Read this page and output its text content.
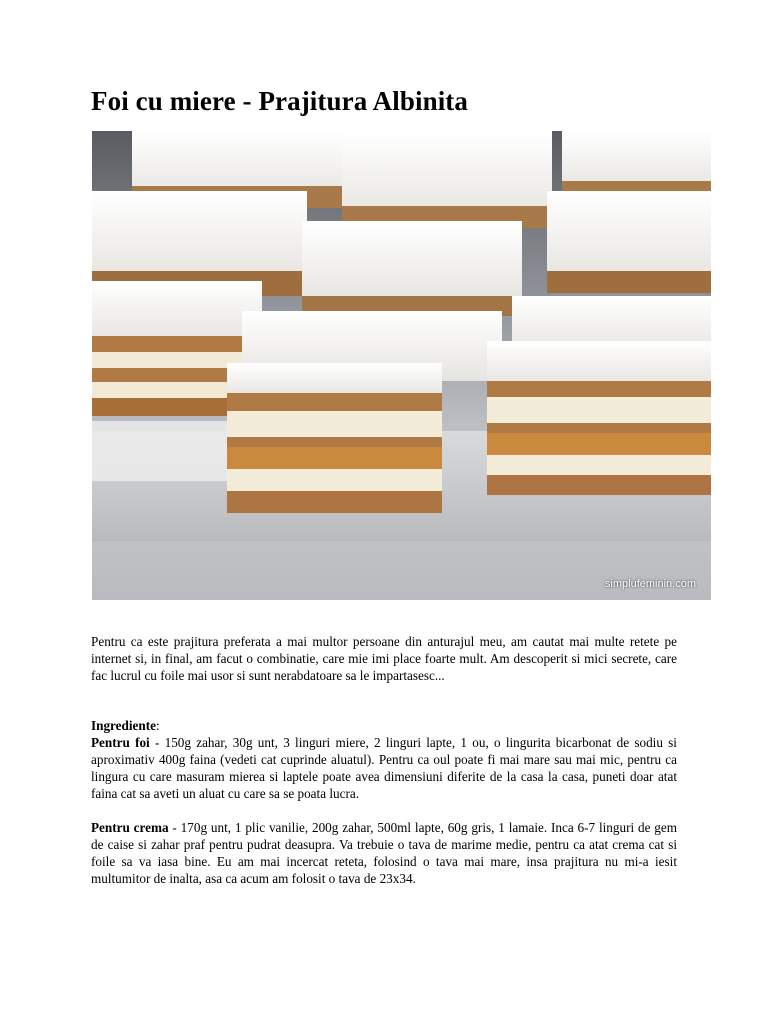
Foi cu miere - Prajitura Albinita
simplufeminin.com

Pentru ca este prajitura preferata a mai multor persoane din anturajul meu, am cautat mai multe retete pe internet si, in final, am facut o combinatie, care mie imi place foarte mult. Am descoperit si mici secrete, care fac lucrul cu foile mai usor si sunt nerabdatoare sa le impartasesc...

Ingrediente:

Pentru foi - 150g zahar, 30g unt, 3 linguri miere, 2 linguri lapte, 1 ou, o lingurita bicarbonat de sodiu si aproximativ 400g faina (vedeti cat cuprinde aluatul). Pentru ca oul poate fi mai mare sau mai mic, pentru ca lingura cu care masuram mierea si laptele poate avea dimensiuni diferite de la casa la casa, puneti doar atat faina cat sa aveti un aluat cu care sa se poata lucra.

Pentru crema - 170g unt, 1 plic vanilie, 200g zahar, 500ml lapte, 60g gris, 1 lamaie. Inca 6-7 linguri de gem de caise si zahar praf pentru pudrat deasupra. Va trebuie o tava de marime medie, pentru ca atat crema cat si foile sa va iasa bine. Eu am mai incercat reteta, folosind o tava mai mare, insa prajitura nu mi-a iesit multumitor de inalta, asa ca acum am folosit o tava de 23x34.
